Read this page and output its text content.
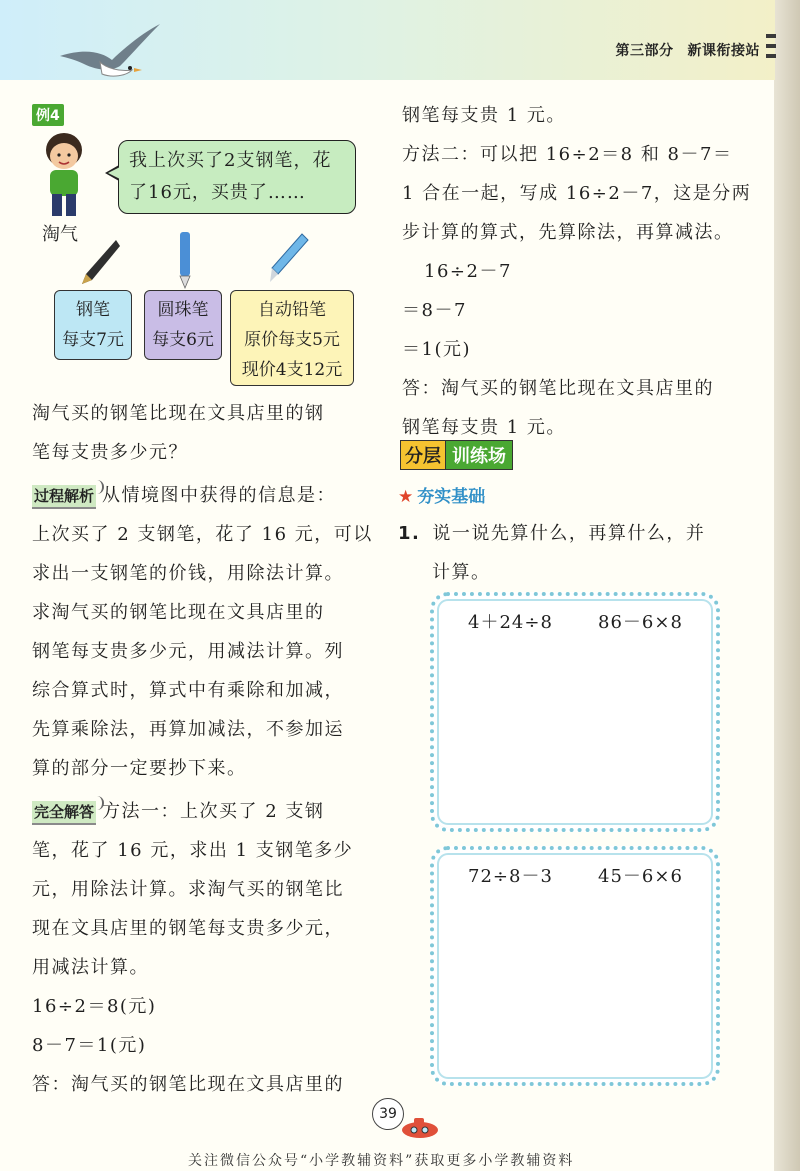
第三部分 新课衔接站
例4
淘气
我上次买了2支钢笔，花
了16元，买贵了……
钢笔
每支7元
圆珠笔
每支6元
自动铅笔
原价每支5元
现价4支12元

淘气买的钢笔比现在文具店里的钢

笔每支贵多少元？

过程解析 从情境图中获得的信息是：

上次买了 2 支钢笔，花了 16 元，可以

求出一支钢笔的价钱，用除法计算。

求淘气买的钢笔比现在文具店里的

钢笔每支贵多少元，用减法计算。列

综合算式时，算式中有乘除和加减，

先算乘除法，再算加减法，不参加运

算的部分一定要抄下来。

完全解答 方法一：上次买了 2 支钢

笔，花了 16 元，求出 1 支钢笔多少

元，用除法计算。求淘气买的钢笔比

现在文具店里的钢笔每支贵多少元，

用减法计算。

16÷2＝8(元)

8－7＝1(元)

答：淘气买的钢笔比现在文具店里的

钢笔每支贵 1 元。

方法二：可以把 16÷2＝8 和 8－7＝

1 合在一起，写成 16÷2－7，这是分两

步计算的算式，先算除法，再算减法。

16÷2－7

＝8－7

＝1(元)

答：淘气买的钢笔比现在文具店里的

钢笔每支贵 1 元。

分层 训练场
★ 夯实基础

1. 说一说先算什么，再算什么，并

计算。

4＋24÷8	86－6×8
72÷8－3	45－6×6
39
关注微信公众号“小学教辅资料”获取更多小学教辅资料
